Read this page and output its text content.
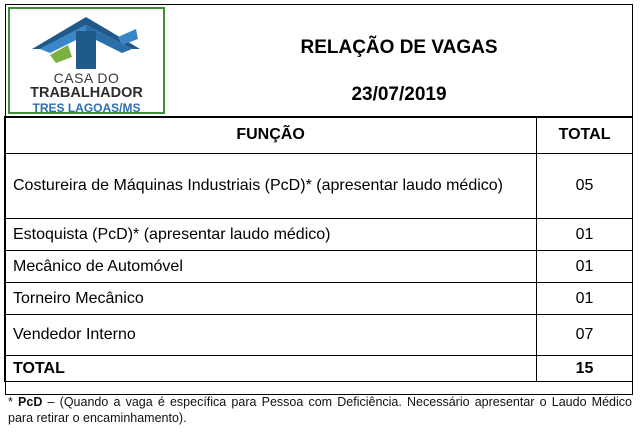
CASA DO
TRABALHADOR
TRES LAGOAS/MS
RELAÇÃO DE VAGAS
23/07/2019
FUNÇÃO	TOTAL
Costureira de Máquinas Industriais (PcD)* (apresentar laudo médico)	05
Estoquista (PcD)* (apresentar laudo médico)	01
Mecânico de Automóvel	01
Torneiro Mecânico	01
Vendedor Interno	07
TOTAL	15
* PcD – (Quando a vaga é específica para Pessoa com Deficiência. Necessário apresentar o Laudo Médico para retirar o encaminhamento).
